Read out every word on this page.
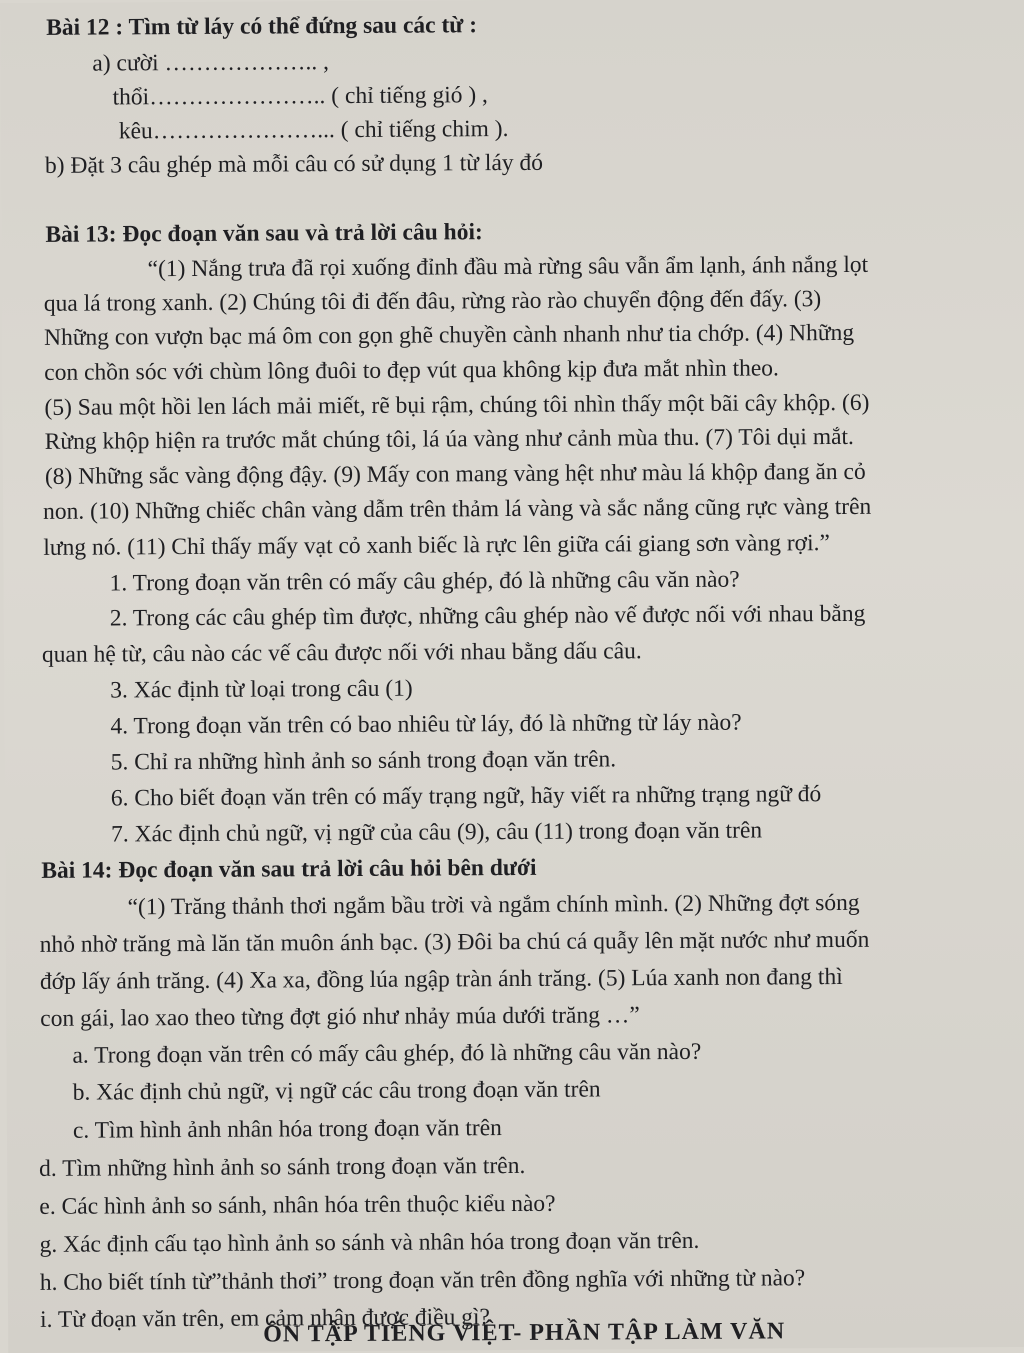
Bài 12 : Tìm từ láy có thể đứng sau các từ :
a) cười ……………….. ,
thổi………………….. ( chỉ tiếng gió ) ,
kêu…………………... ( chỉ tiếng chim ).
b) Đặt 3 câu ghép mà mỗi câu có sử dụng 1 từ láy đó
Bài 13: Đọc đoạn văn sau và trả lời câu hỏi:
“(1) Nắng trưa đã rọi xuống đỉnh đầu mà rừng sâu vẫn ẩm lạnh, ánh nắng lọt
qua lá trong xanh. (2) Chúng tôi đi đến đâu, rừng rào rào chuyển động đến đấy. (3)
Những con vượn bạc má ôm con gọn ghẽ chuyền cành nhanh như tia chớp. (4) Những
con chồn sóc với chùm lông đuôi to đẹp vút qua không kịp đưa mắt nhìn theo.
(5) Sau một hồi len lách mải miết, rẽ bụi rậm, chúng tôi nhìn thấy một bãi cây khộp. (6)
Rừng khộp hiện ra trước mắt chúng tôi, lá úa vàng như cảnh mùa thu. (7) Tôi dụi mắt.
(8) Những sắc vàng động đậy. (9) Mấy con mang vàng hệt như màu lá khộp đang ăn cỏ
non. (10) Những chiếc chân vàng dẫm trên thảm lá vàng và sắc nắng cũng rực vàng trên
lưng nó. (11) Chỉ thấy mấy vạt cỏ xanh biếc là rực lên giữa cái giang sơn vàng rợi.”
1. Trong đoạn văn trên có mấy câu ghép, đó là những câu văn nào?
2. Trong các câu ghép tìm được, những câu ghép nào vế được nối với nhau bằng
quan hệ từ, câu nào các vế câu được nối với nhau bằng dấu câu.
3. Xác định từ loại trong câu (1)
4. Trong đoạn văn trên có bao nhiêu từ láy, đó là những từ láy nào?
5. Chỉ ra những hình ảnh so sánh trong đoạn văn trên.
6. Cho biết đoạn văn trên có mấy trạng ngữ, hãy viết ra những trạng ngữ đó
7. Xác định chủ ngữ, vị ngữ của câu (9), câu (11) trong đoạn văn trên
Bài 14: Đọc đoạn văn sau trả lời câu hỏi bên dưới
“(1) Trăng thảnh thơi ngắm bầu trời và ngắm chính mình. (2) Những đợt sóng
nhỏ nhờ trăng mà lăn tăn muôn ánh bạc. (3) Đôi ba chú cá quẫy lên mặt nước như muốn
đớp lấy ánh trăng. (4) Xa xa, đồng lúa ngập tràn ánh trăng. (5) Lúa xanh non đang thì
con gái, lao xao theo từng đợt gió như nhảy múa dưới trăng …”
a. Trong đoạn văn trên có mấy câu ghép, đó là những câu văn nào?
b. Xác định chủ ngữ, vị ngữ các câu trong đoạn văn trên
c. Tìm hình ảnh nhân hóa trong đoạn văn trên
d. Tìm những hình ảnh so sánh trong đoạn văn trên.
e. Các hình ảnh so sánh, nhân hóa trên thuộc kiểu nào?
g. Xác định cấu tạo hình ảnh so sánh và nhân hóa trong đoạn văn trên.
h. Cho biết tính từ”thảnh thơi” trong đoạn văn trên đồng nghĩa với những từ nào?
i. Từ đoạn văn trên, em cảm nhận được điều gì?
ÔN TẬP TIẾNG VIỆT- PHẦN TẬP LÀM VĂN
